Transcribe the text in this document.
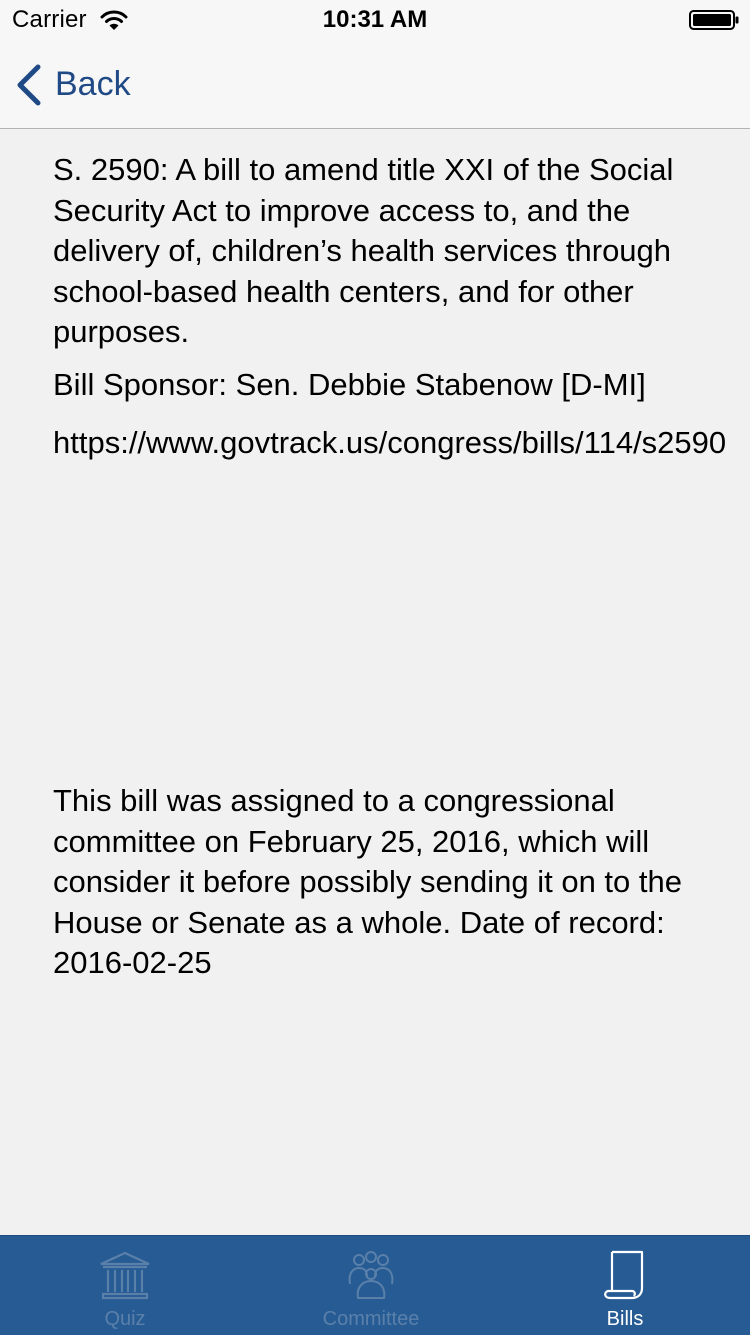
Carrier	10:31 AM
Back

S. 2590: A bill to amend title XXI of the Social Security Act to improve access to, and the delivery of, children’s health services through school-based health centers, and for other purposes.

Bill Sponsor: Sen. Debbie Stabenow [D-MI]

https://www.govtrack.us/congress/bills/114/s2590

This bill was assigned to a congressional committee on February 25, 2016, which will consider it before possibly sending it on to the House or Senate as a whole. Date of record: 2016-02-25

Quiz	Committee	Bills
